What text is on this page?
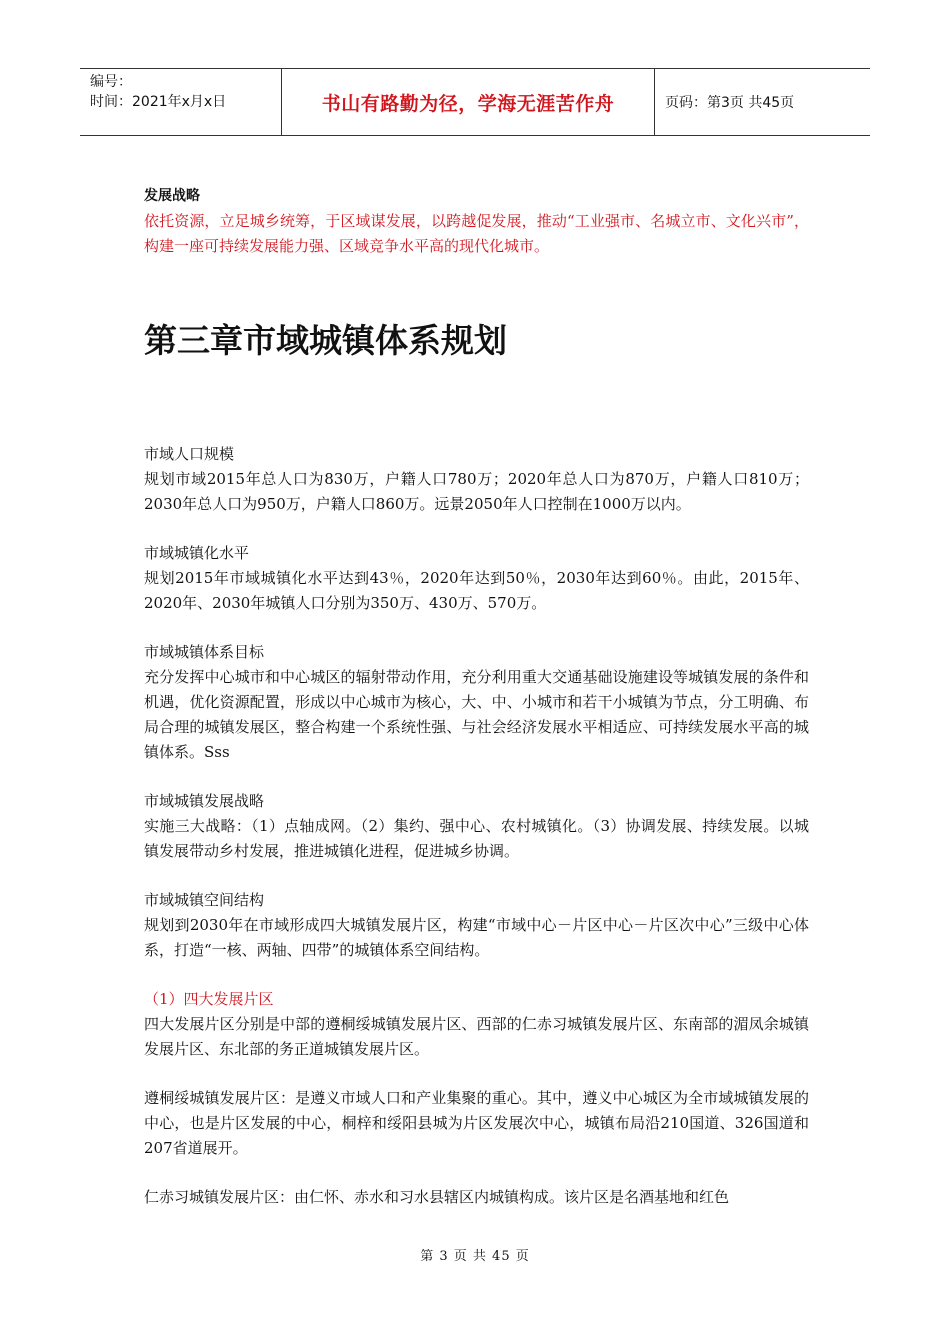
编号：
时间：2021年x月x日	书山有路勤为径，学海无涯苦作舟	页码：第3页 共45页

发展战略

依托资源，立足城乡统筹，于区域谋发展，以跨越促发展，推动“工业强市、名城立市、文化兴市”，构建一座可持续发展能力强、区域竞争水平高的现代化城市。

第三章市域城镇体系规划

市域人口规模

规划市域2015年总人口为830万，户籍人口780万；2020年总人口为870万，户籍人口810万；2030年总人口为950万，户籍人口860万。远景2050年人口控制在1000万以内。

市域城镇化水平

规划2015年市域城镇化水平达到43％，2020年达到50％，2030年达到60％。由此，2015年、2020年、2030年城镇人口分别为350万、430万、570万。

市域城镇体系目标

充分发挥中心城市和中心城区的辐射带动作用，充分利用重大交通基础设施建设等城镇发展的条件和机遇，优化资源配置，形成以中心城市为核心，大、中、小城市和若干小城镇为节点，分工明确、布局合理的城镇发展区，整合构建一个系统性强、与社会经济发展水平相适应、可持续发展水平高的城镇体系。Sss

市域城镇发展战略

实施三大战略：（1）点轴成网。（2）集约、强中心、农村城镇化。（3）协调发展、持续发展。以城镇发展带动乡村发展，推进城镇化进程，促进城乡协调。

市域城镇空间结构

规划到2030年在市域形成四大城镇发展片区，构建“市域中心－片区中心－片区次中心”三级中心体系，打造“一核、两轴、四带”的城镇体系空间结构。

（1）四大发展片区

四大发展片区分别是中部的遵桐绥城镇发展片区、西部的仁赤习城镇发展片区、东南部的湄凤余城镇发展片区、东北部的务正道城镇发展片区。

遵桐绥城镇发展片区：是遵义市域人口和产业集聚的重心。其中，遵义中心城区为全市域城镇发展的中心，也是片区发展的中心，桐梓和绥阳县城为片区发展次中心，城镇布局沿210国道、326国道和207省道展开。

仁赤习城镇发展片区：由仁怀、赤水和习水县辖区内城镇构成。该片区是名酒基地和红色

第 3 页 共 45 页
